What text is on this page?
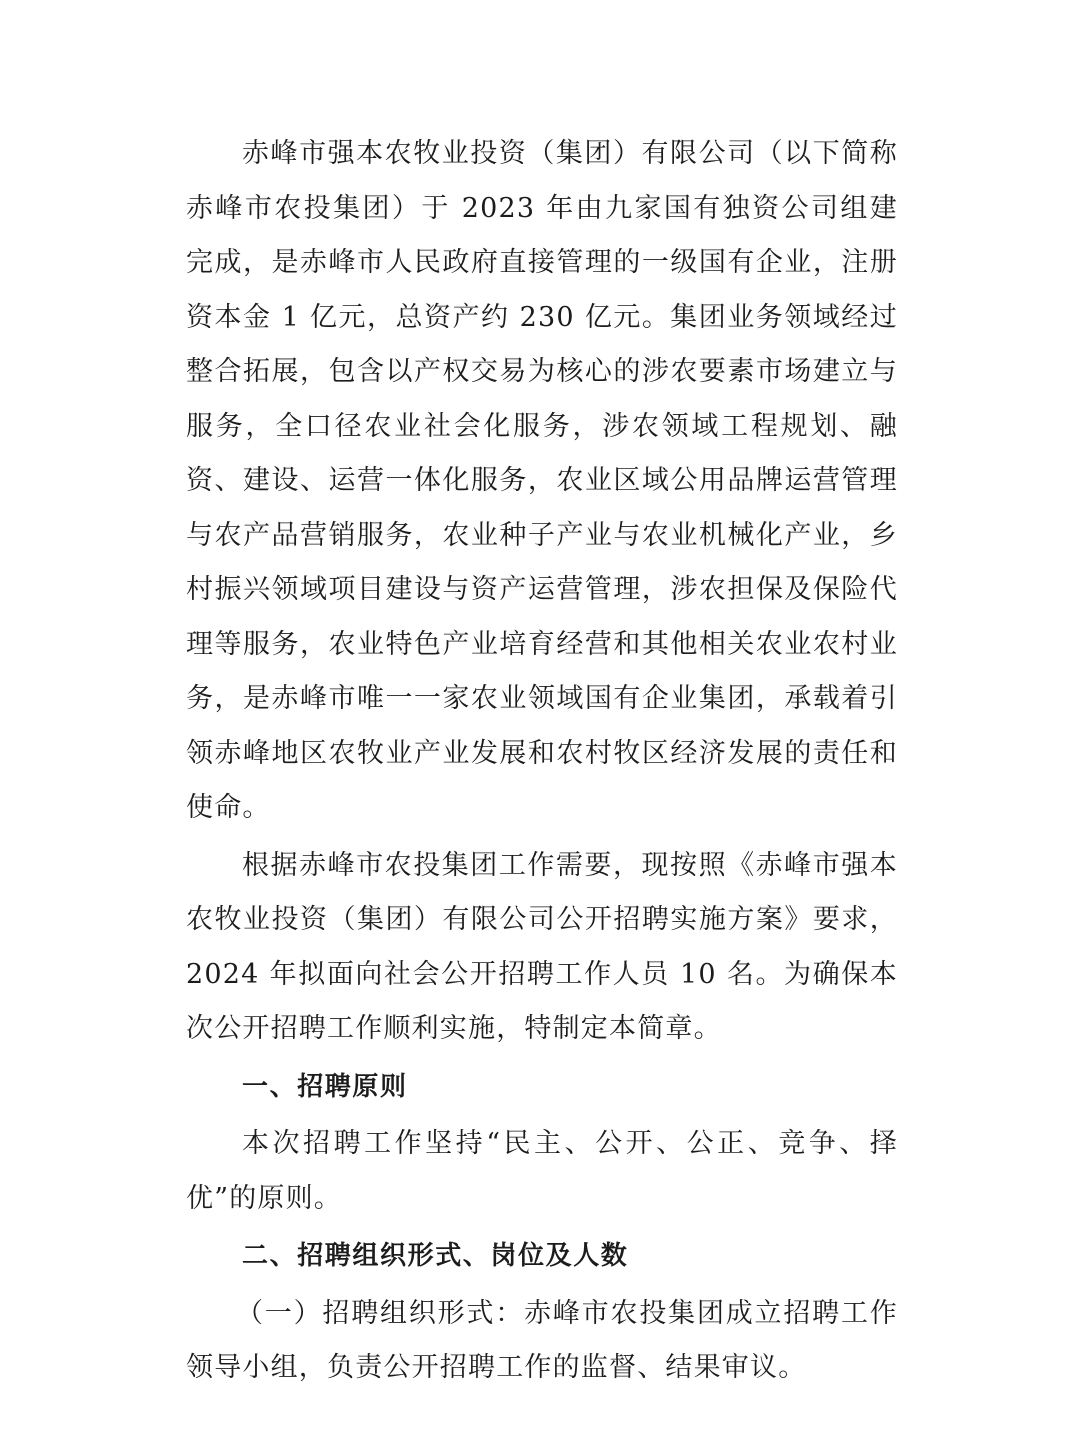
赤峰市强本农牧业投资（集团）有限公司（以下简称赤峰市农投集团）于 2023 年由九家国有独资公司组建完成，是赤峰市人民政府直接管理的一级国有企业，注册资本金 1 亿元，总资产约 230 亿元。集团业务领域经过整合拓展，包含以产权交易为核心的涉农要素市场建立与服务，全口径农业社会化服务，涉农领域工程规划、融资、建设、运营一体化服务，农业区域公用品牌运营管理与农产品营销服务，农业种子产业与农业机械化产业，乡村振兴领域项目建设与资产运营管理，涉农担保及保险代理等服务，农业特色产业培育经营和其他相关农业农村业务，是赤峰市唯一一家农业领域国有企业集团，承载着引领赤峰地区农牧业产业发展和农村牧区经济发展的责任和使命。

根据赤峰市农投集团工作需要，现按照《赤峰市强本农牧业投资（集团）有限公司公开招聘实施方案》要求，2024 年拟面向社会公开招聘工作人员 10 名。为确保本次公开招聘工作顺利实施，特制定本简章。

一、招聘原则

本次招聘工作坚持“民主、公开、公正、竞争、择优”的原则。

二、招聘组织形式、岗位及人数

（一）招聘组织形式：赤峰市农投集团成立招聘工作领导小组，负责公开招聘工作的监督、结果审议。
